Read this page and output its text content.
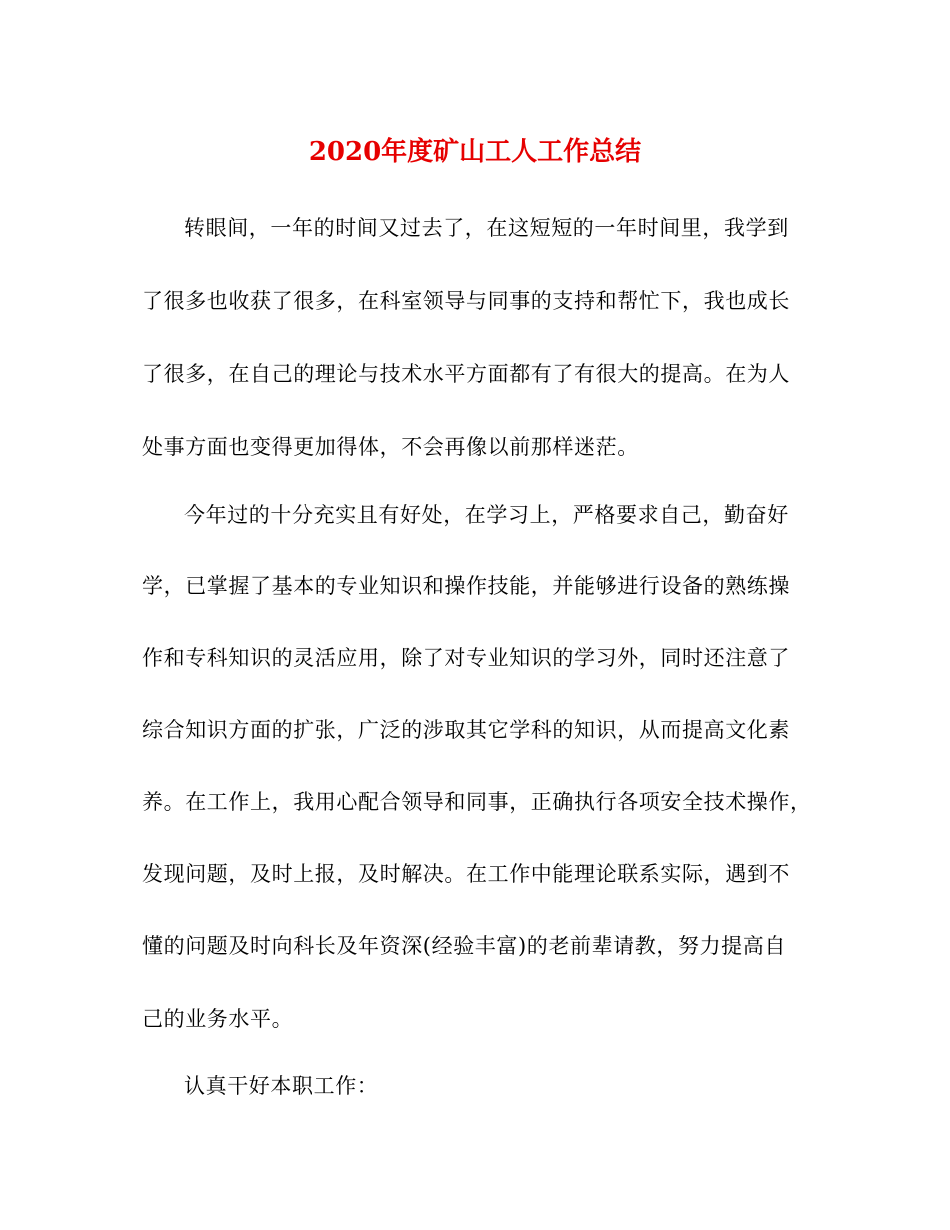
2020年度矿山工人工作总结

转眼间，一年的时间又过去了，在这短短的一年时间里，我学到

了很多也收获了很多，在科室领导与同事的支持和帮忙下，我也成长

了很多，在自己的理论与技术水平方面都有了有很大的提高。在为人

处事方面也变得更加得体，不会再像以前那样迷茫。

今年过的十分充实且有好处，在学习上，严格要求自己，勤奋好

学，已掌握了基本的专业知识和操作技能，并能够进行设备的熟练操

作和专科知识的灵活应用，除了对专业知识的学习外，同时还注意了

综合知识方面的扩张，广泛的涉取其它学科的知识，从而提高文化素

养。在工作上，我用心配合领导和同事，正确执行各项安全技术操作，

发现问题，及时上报，及时解决。在工作中能理论联系实际，遇到不

懂的问题及时向科长及年资深(经验丰富)的老前辈请教，努力提高自

己的业务水平。

认真干好本职工作：
